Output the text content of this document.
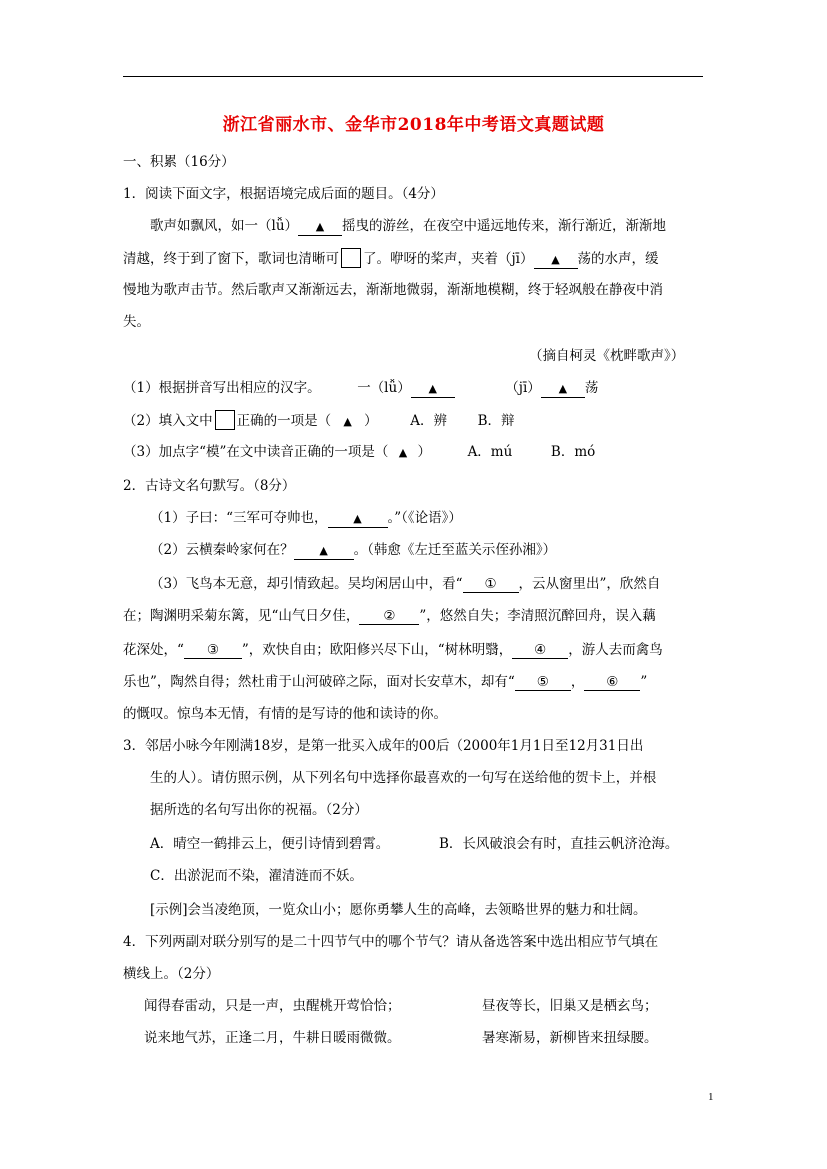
浙江省丽水市、金华市2018年中考语文真题试题
一、积累（16分）
1．阅读下面文字，根据语境完成后面的题目。（4分）
歌声如飘风，如一（lǚ） ▲ 摇曳的游丝，在夜空中遥远地传来，渐行渐近，渐渐地
清越，终于到了窗下，歌词也清晰可 了。咿呀的桨声，夹着（jī） ▲ 荡的水声，缓
慢地为歌声击节。然后歌声又渐渐远去，渐渐地微弱，渐渐地模糊，终于轻飒般在静夜中消
失。
（摘自柯灵《枕畔歌声》）
（1）根据拼音写出相应的汉字。	一（lǚ） ▲	（jī） ▲ 荡
（2）填入文中 正确的一项是（ ▲ ） A．辨 B．辩
（3）加点字“模”在文中读音正确的一项是（ ▲ ）	A．mú	B．mó
2．古诗文名句默写。（8分）
（1）子曰：“三军可夺帅也， ▲ 。”（《论语》）
（2）云横秦岭家何在？ ▲ 。（韩愈《左迁至蓝关示侄孙湘》）
（3）飞鸟本无意，却引情致起。吴均闲居山中，看“ ① ，云从窗里出”，欣然自
在；陶渊明采菊东篱，见“山气日夕佳， ② ”，悠然自失；李清照沉醉回舟，误入藕
花深处，“ ③ ”，欢快自由；欧阳修兴尽下山，“树林明翳， ④ ，游人去而禽鸟
乐也”，陶然自得；然杜甫于山河破碎之际，面对长安草木，却有“ ⑤ ， ⑥ ”
的慨叹。惊鸟本无情，有情的是写诗的他和读诗的你。
3．邻居小咏今年刚满18岁，是第一批买入成年的00后（2000年1月1日至12月31日出
生的人）。请仿照示例，从下列名句中选择你最喜欢的一句写在送给他的贺卡上，并根
据所选的名句写出你的祝福。（2分）
A．晴空一鹤排云上，便引诗情到碧霄。	B．长风破浪会有时，直挂云帆济沧海。
C．出淤泥而不染，濯清涟而不妖。
[示例]会当凌绝顶，一览众山小；愿你勇攀人生的高峰，去领略世界的魅力和壮阔。
4．下列两副对联分别写的是二十四节气中的哪个节气？请从备选答案中选出相应节气填在
横线上。（2分）
闻得春雷动，只是一声，虫醒桃开莺恰恰；
说来地气苏，正逢二月，牛耕日暖雨微微。
昼夜等长，旧巢又是栖玄鸟；
暑寒渐易，新柳皆来扭绿腰。
1
